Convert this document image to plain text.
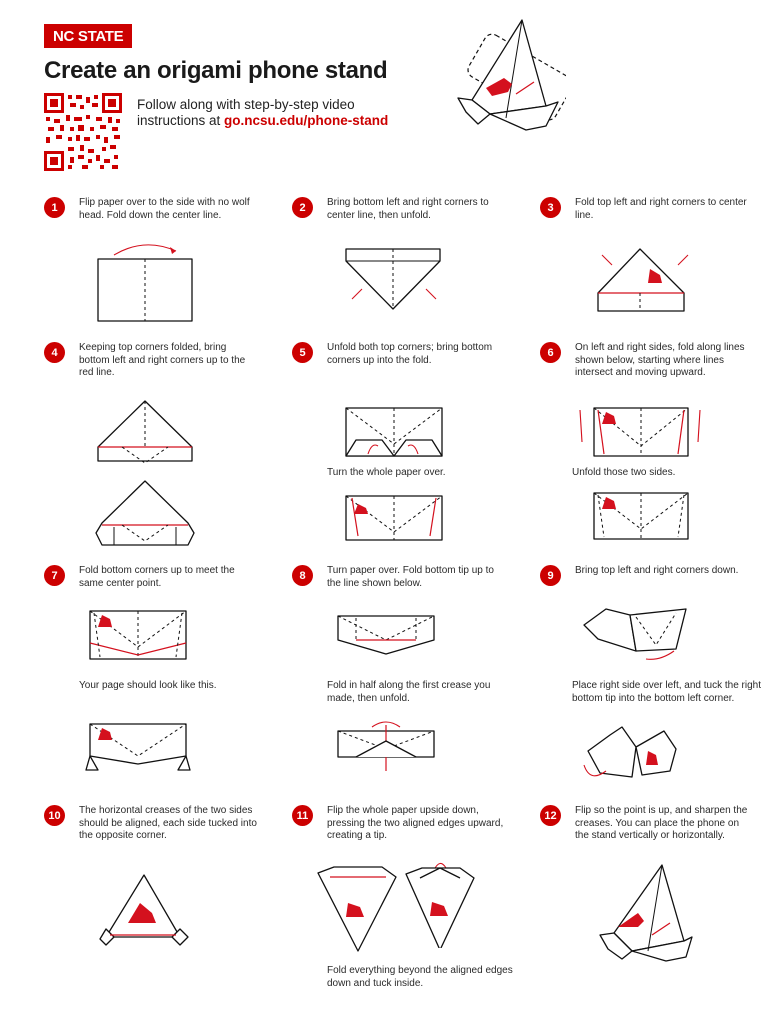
NC STATE
Create an origami phone stand
Follow along with step-by-step video
instructions at go.ncsu.edu/phone-stand
1	Flip paper over to the side with no wolf head. Fold down the center line.
2	Bring bottom left and right corners to center line, then unfold.
3	Fold top left and right corners to center line.
4	Keeping top corners folded, bring bottom left and right corners up to the red line.
5	Unfold both top corners; bring bottom corners up into the fold.
Turn the whole paper over.
6	On left and right sides, fold along lines shown below, starting where lines intersect and moving upward.
Unfold those two sides.
7	Fold bottom corners up to meet the same center point.
Your page should look like this.
8	Turn paper over. Fold bottom tip up to the line shown below.
Fold in half along the first crease you made, then unfold.
9	Bring top left and right corners down.
Place right side over left, and tuck the right bottom tip into the bottom left corner.
10	The horizontal creases of the two sides should be aligned, each side tucked into the opposite corner.
11	Flip the whole paper upside down, pressing the two aligned edges upward, creating a tip.
Fold everything beyond the aligned edges down and tuck inside.
12	Flip so the point is up, and sharpen the creases. You can place the phone on the stand vertically or horizontally.
